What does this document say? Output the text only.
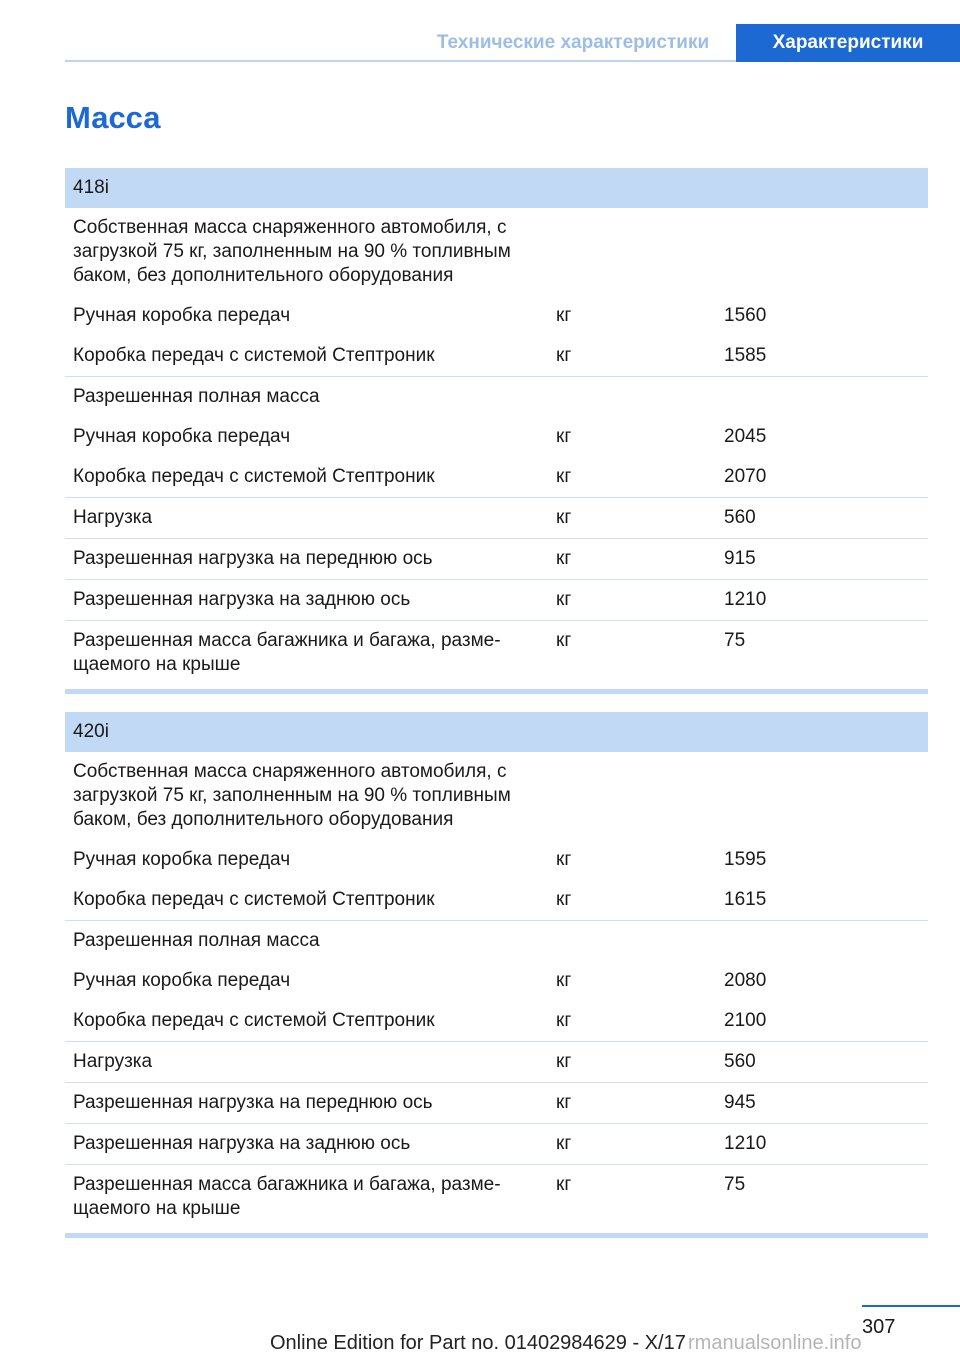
Технические характеристики	Характеристики
Масса
418i		
Собственная масса снаряженного автомобиля, с загрузкой 75 кг, заполненным на 90 % топливным баком, без дополнительного оборудования		
Ручная коробка передач	кг	1560
Коробка передач с системой Стептроник	кг	1585
Разрешенная полная масса		
Ручная коробка передач	кг	2045
Коробка передач с системой Стептроник	кг	2070
Нагрузка	кг	560
Разрешенная нагрузка на переднюю ось	кг	915
Разрешенная нагрузка на заднюю ось	кг	1210
Разрешенная масса багажника и багажа, разме-щаемого на крыше	кг	75
420i		
Собственная масса снаряженного автомобиля, с загрузкой 75 кг, заполненным на 90 % топливным баком, без дополнительного оборудования		
Ручная коробка передач	кг	1595
Коробка передач с системой Стептроник	кг	1615
Разрешенная полная масса		
Ручная коробка передач	кг	2080
Коробка передач с системой Стептроник	кг	2100
Нагрузка	кг	560
Разрешенная нагрузка на переднюю ось	кг	945
Разрешенная нагрузка на заднюю ось	кг	1210
Разрешенная масса багажника и багажа, разме-щаемого на крыше	кг	75
307
Online Edition for Part no. 01402984629 - X/17 rmanualsonline.info
